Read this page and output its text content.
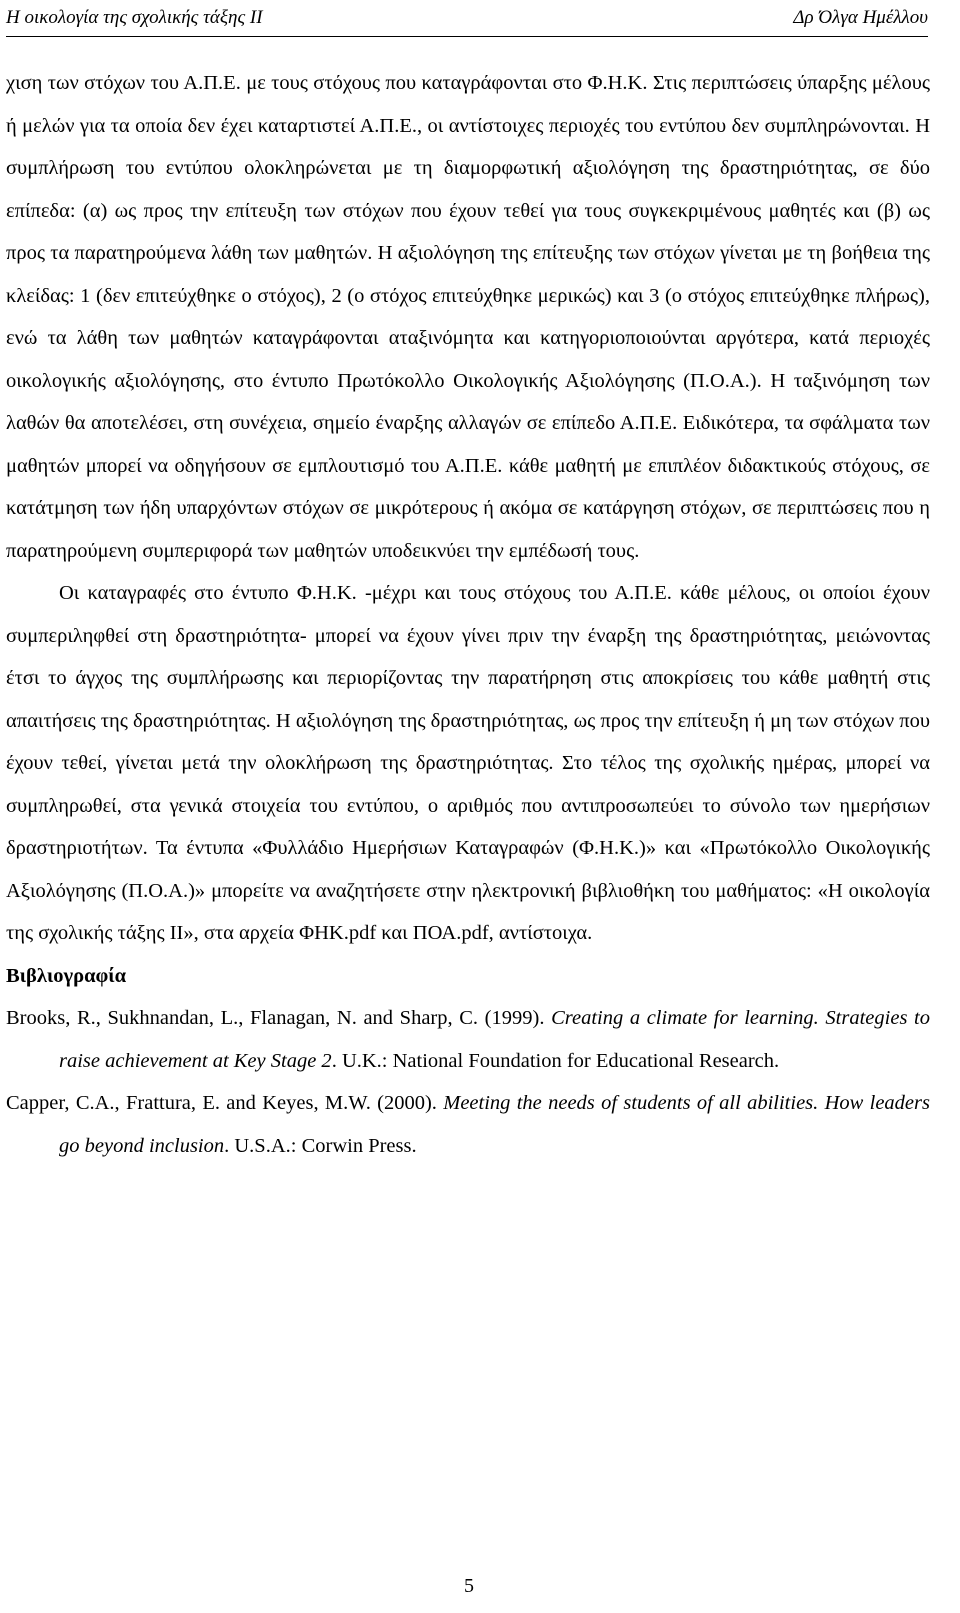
Η οικολογία της σχολικής τάξης ΙΙ	Δρ Όλγα Ημέλλου

χιση των στόχων του Α.Π.Ε. με τους στόχους που καταγράφονται στο Φ.Η.Κ. Στις περιπτώσεις ύπαρξης μέλους ή μελών για τα οποία δεν έχει καταρτιστεί Α.Π.Ε., οι αντίστοιχες περιοχές του εντύπου δεν συμπληρώνονται. Η συμπλήρωση του εντύπου ολοκληρώνεται με τη διαμορφωτική αξιολόγηση της δραστηριότητας, σε δύο επίπεδα: (α) ως προς την επίτευξη των στόχων που έχουν τεθεί για τους συγκεκριμένους μαθητές και (β) ως προς τα παρατηρούμενα λάθη των μαθητών. Η αξιολόγηση της επίτευξης των στόχων γίνεται με τη βοήθεια της κλείδας: 1 (δεν επιτεύχθηκε ο στόχος), 2 (ο στόχος επιτεύχθηκε μερικώς) και 3 (ο στόχος επιτεύχθηκε πλήρως), ενώ τα λάθη των μαθητών καταγράφονται αταξινόμητα και κατηγοριοποιούνται αργότερα, κατά περιοχές οικολογικής αξιολόγησης, στο έντυπο Πρωτόκολλο Οικολογικής Αξιολόγησης (Π.Ο.Α.). Η ταξινόμηση των λαθών θα αποτελέσει, στη συνέχεια, σημείο έναρξης αλλαγών σε επίπεδο Α.Π.Ε. Ειδικότερα, τα σφάλματα των μαθητών μπορεί να οδηγήσουν σε εμπλουτισμό του Α.Π.Ε. κάθε μαθητή με επιπλέον διδακτικούς στόχους, σε κατάτμηση των ήδη υπαρχόντων στόχων σε μικρότερους ή ακόμα σε κατάργηση στόχων, σε περιπτώσεις που η παρατηρούμενη συμπεριφορά των μαθητών υποδεικνύει την εμπέδωσή τους.

Οι καταγραφές στο έντυπο Φ.Η.Κ. -μέχρι και τους στόχους του Α.Π.Ε. κάθε μέλους, οι οποίοι έχουν συμπεριληφθεί στη δραστηριότητα- μπορεί να έχουν γίνει πριν την έναρξη της δραστηριότητας, μειώνοντας έτσι το άγχος της συμπλήρωσης και περιορίζοντας την παρατήρηση στις αποκρίσεις του κάθε μαθητή στις απαιτήσεις της δραστηριότητας. Η αξιολόγηση της δραστηριότητας, ως προς την επίτευξη ή μη των στόχων που έχουν τεθεί, γίνεται μετά την ολοκλήρωση της δραστηριότητας. Στο τέλος της σχολικής ημέρας, μπορεί να συμπληρωθεί, στα γενικά στοιχεία του εντύπου, ο αριθμός που αντιπροσωπεύει το σύνολο των ημερήσιων δραστηριοτήτων. Τα έντυπα «Φυλλάδιο Ημερήσιων Καταγραφών (Φ.Η.Κ.)» και «Πρωτόκολλο Οικολογικής Αξιολόγησης (Π.Ο.Α.)» μπορείτε να αναζητήσετε στην ηλεκτρονική βιβλιοθήκη του μαθήματος: «Η οικολογία της σχολικής τάξης ΙΙ», στα αρχεία ΦΗΚ.pdf και ΠΟΑ.pdf, αντίστοιχα.

Βιβλιογραφία

Brooks, R., Sukhnandan, L., Flanagan, N. and Sharp, C. (1999). Creating a climate for learning. Strategies to raise achievement at Key Stage 2. U.K.: National Foundation for Educational Research.

Capper, C.A., Frattura, E. and Keyes, M.W. (2000). Meeting the needs of students of all abilities. How leaders go beyond inclusion. U.S.A.: Corwin Press.

5
